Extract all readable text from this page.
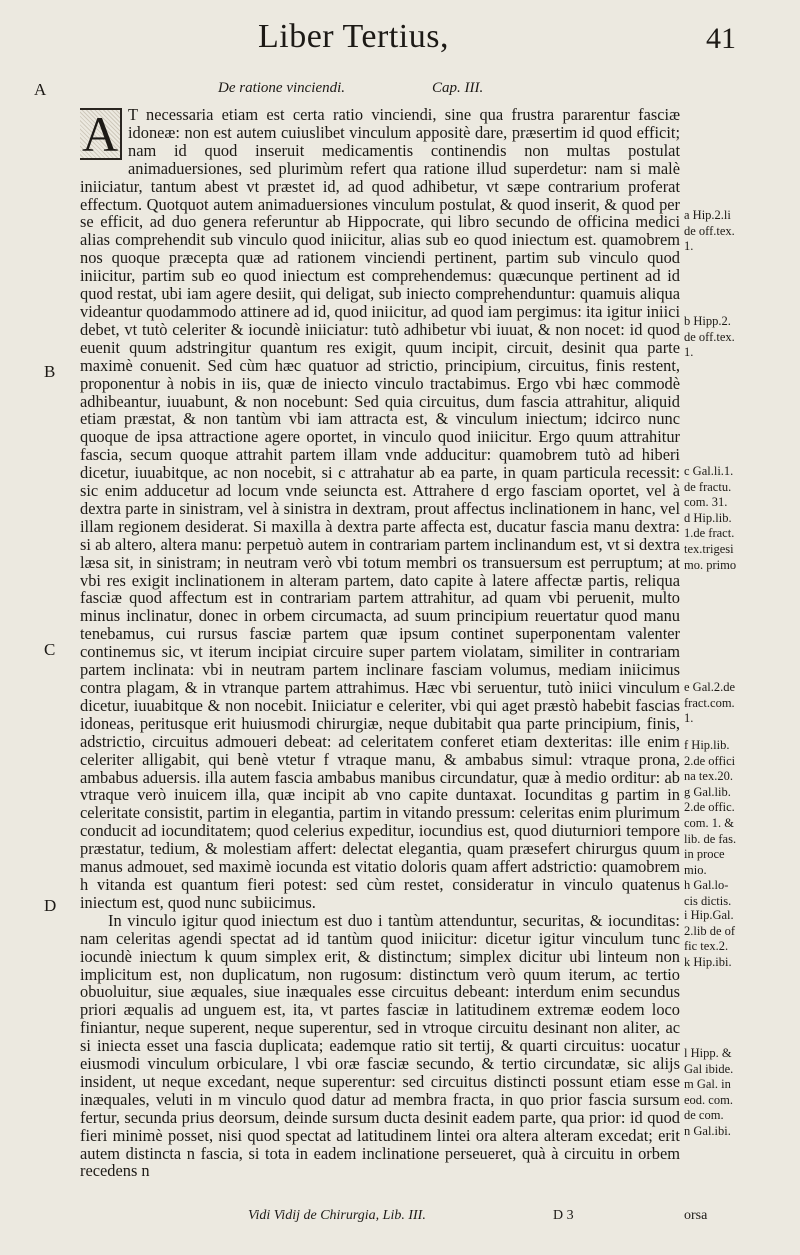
Liber Tertius,	41
A	De ratione vinciendi.	Cap. III.
B
C
D

A T necessaria etiam est certa ratio vinciendi, sine qua frustra pararentur fasciæ idoneæ: non est autem cuiuslibet vinculum appositè dare, præsertim id quod efficit; nam id quod inseruit medicamentis continendis non multas postulat animaduersiones, sed plurimùm refert qua ratione illud superdetur: nam si malè iniiciatur, tantum abest vt præstet id, ad quod adhibetur, vt sæpe contrarium proferat effectum. Quotquot autem animaduersiones vinculum postulat, & quod inserit, & quod per se efficit, ad duo genera referuntur ab Hippocrate, qui libro secundo de officina medici alias comprehendit sub vinculo quod iniicitur, alias sub eo quod iniectum est. quamobrem nos quoque præcepta quæ ad rationem vinciendi pertinent, partim sub vinculo quod iniicitur, partim sub eo quod iniectum est comprehendemus: quæcunque pertinent ad id quod restat, ubi iam agere desiit, qui deligat, sub iniecto comprehenduntur: quamuis aliqua videantur quodammodo attinere ad id, quod iniicitur, ad quod iam pergimus: ita igitur iniici debet, vt tutò celeriter & iocundè iniiciatur: tutò adhibetur vbi iuuat, & non nocet: id quod euenit quum adstringitur quantum res exigit, quum incipit, circuit, desinit qua parte maximè conuenit. Sed cùm hæc quatuor ad strictio, principium, circuitus, finis restent, proponentur à nobis in iis, quæ de iniecto vinculo tractabimus. Ergo vbi hæc commodè adhibeantur, iuuabunt, & non nocebunt: Sed quia circuitus, dum fascia attrahitur, aliquid etiam præstat, & non tantùm vbi iam attracta est, & vinculum iniectum; idcirco nunc quoque de ipsa attractione agere oportet, in vinculo quod iniicitur. Ergo quum attrahitur fascia, secum quoque attrahit partem illam vnde adducitur: quamobrem tutò ad hiberi dicetur, iuuabitque, ac non nocebit, si c attrahatur ab ea parte, in quam particula recessit: sic enim adducetur ad locum vnde seiuncta est. Attrahere d ergo fasciam oportet, vel à dextra parte in sinistram, vel à sinistra in dextram, prout affectus inclinationem in hanc, vel illam regionem desiderat. Si maxilla à dextra parte affecta est, ducatur fascia manu dextra: si ab altero, altera manu: perpetuò autem in contrariam partem inclinandum est, vt si dextra læsa sit, in sinistram; in neutram verò vbi totum membri os transuersum est perruptum; at vbi res exigit inclinationem in alteram partem, dato capite à latere affectæ partis, reliqua fasciæ quod affectum est in contrariam partem attrahitur, ad quam vbi peruenit, multo minus inclinatur, donec in orbem circumacta, ad suum principium reuertatur quod manu tenebamus, cui rursus fasciæ partem quæ ipsum continet superponentam valenter continemus sic, vt iterum incipiat circuire super partem violatam, similiter in contrariam partem inclinata: vbi in neutram partem inclinare fasciam volumus, mediam iniicimus contra plagam, & in vtranque partem attrahimus. Hæc vbi seruentur, tutò iniici vinculum dicetur, iuuabitque & non nocebit. Iniiciatur e celeriter, vbi qui aget præstò habebit fascias idoneas, peritusque erit huiusmodi chirurgiæ, neque dubitabit qua parte principium, finis, adstrictio, circuitus admoueri debeat: ad celeritatem conferet etiam dexteritas: ille enim celeriter alligabit, qui benè vtetur f vtraque manu, & ambabus simul: vtraque prona, ambabus aduersis. illa autem fascia ambabus manibus circundatur, quæ à medio orditur: ab vtraque verò inuicem illa, quæ incipit ab vno capite duntaxat. Iocunditas g partim in celeritate consistit, partim in elegantia, partim in vitando pressum: celeritas enim plurimum conducit ad iocunditatem; quod celerius expeditur, iocundius est, quod diuturniori tempore præstatur, tedium, & molestiam affert: delectat elegantia, quam præsefert chirurgus quum manus admouet, sed maximè iocunda est vitatio doloris quam affert adstrictio: quamobrem h vitanda est quantum fieri potest: sed cùm restet, consideratur in vinculo quatenus iniectum est, quod nunc subiicimus.

In vinculo igitur quod iniectum est duo i tantùm attenduntur, securitas, & iocunditas: nam celeritas agendi spectat ad id tantùm quod iniicitur: dicetur igitur vinculum tunc iocundè iniectum k quum simplex erit, & distinctum; simplex dicitur ubi linteum non implicitum est, non duplicatum, non rugosum: distinctum verò quum iterum, ac tertio obuoluitur, siue æquales, siue inæquales esse circuitus debeant: interdum enim secundus priori æqualis ad unguem est, ita, vt partes fasciæ in latitudinem extremæ eodem loco finiantur, neque superent, neque superentur, sed in vtroque circuitu desinant non aliter, ac si iniecta esset una fascia duplicata; eademque ratio sit tertij, & quarti circuitus: uocatur eiusmodi vinculum orbiculare, l vbi oræ fasciæ secundo, & tertio circundatæ, sic alijs insident, ut neque excedant, neque superentur: sed circuitus distincti possunt etiam esse inæquales, veluti in m vinculo quod datur ad membra fracta, in quo prior fascia sursum fertur, secunda prius deorsum, deinde sursum ducta desinit eadem parte, qua prior: id quod fieri minimè posset, nisi quod spectat ad latitudinem lintei ora altera alteram excedat; erit autem distincta n fascia, si tota in eadem inclinatione perseueret, quà à circuitu in orbem recedens n

a Hip.2.li
de off.tex.
1.
b Hipp.2.
de off.tex.
1.
c Gal.li.1.
de fractu.
com. 31.
d Hip.lib.
1.de fract.
tex.trigesi
mo. primo
e Gal.2.de
fract.com.
1.
f Hip.lib.
2.de offici
na tex.20.
g Gal.lib.
2.de offic.
com. 1. &
lib. de fas.
in proce
mio.
h Gal.lo-
cis dictis.
i Hip.Gal.
2.lib de of
fic tex.2.
k Hip.ibi.
l Hipp. &
Gal ibide.
m Gal. in
eod. com.
de com.
n Gal.ibi.
Vidi Vidij de Chirurgia, Lib. III.	D 3	orsa
